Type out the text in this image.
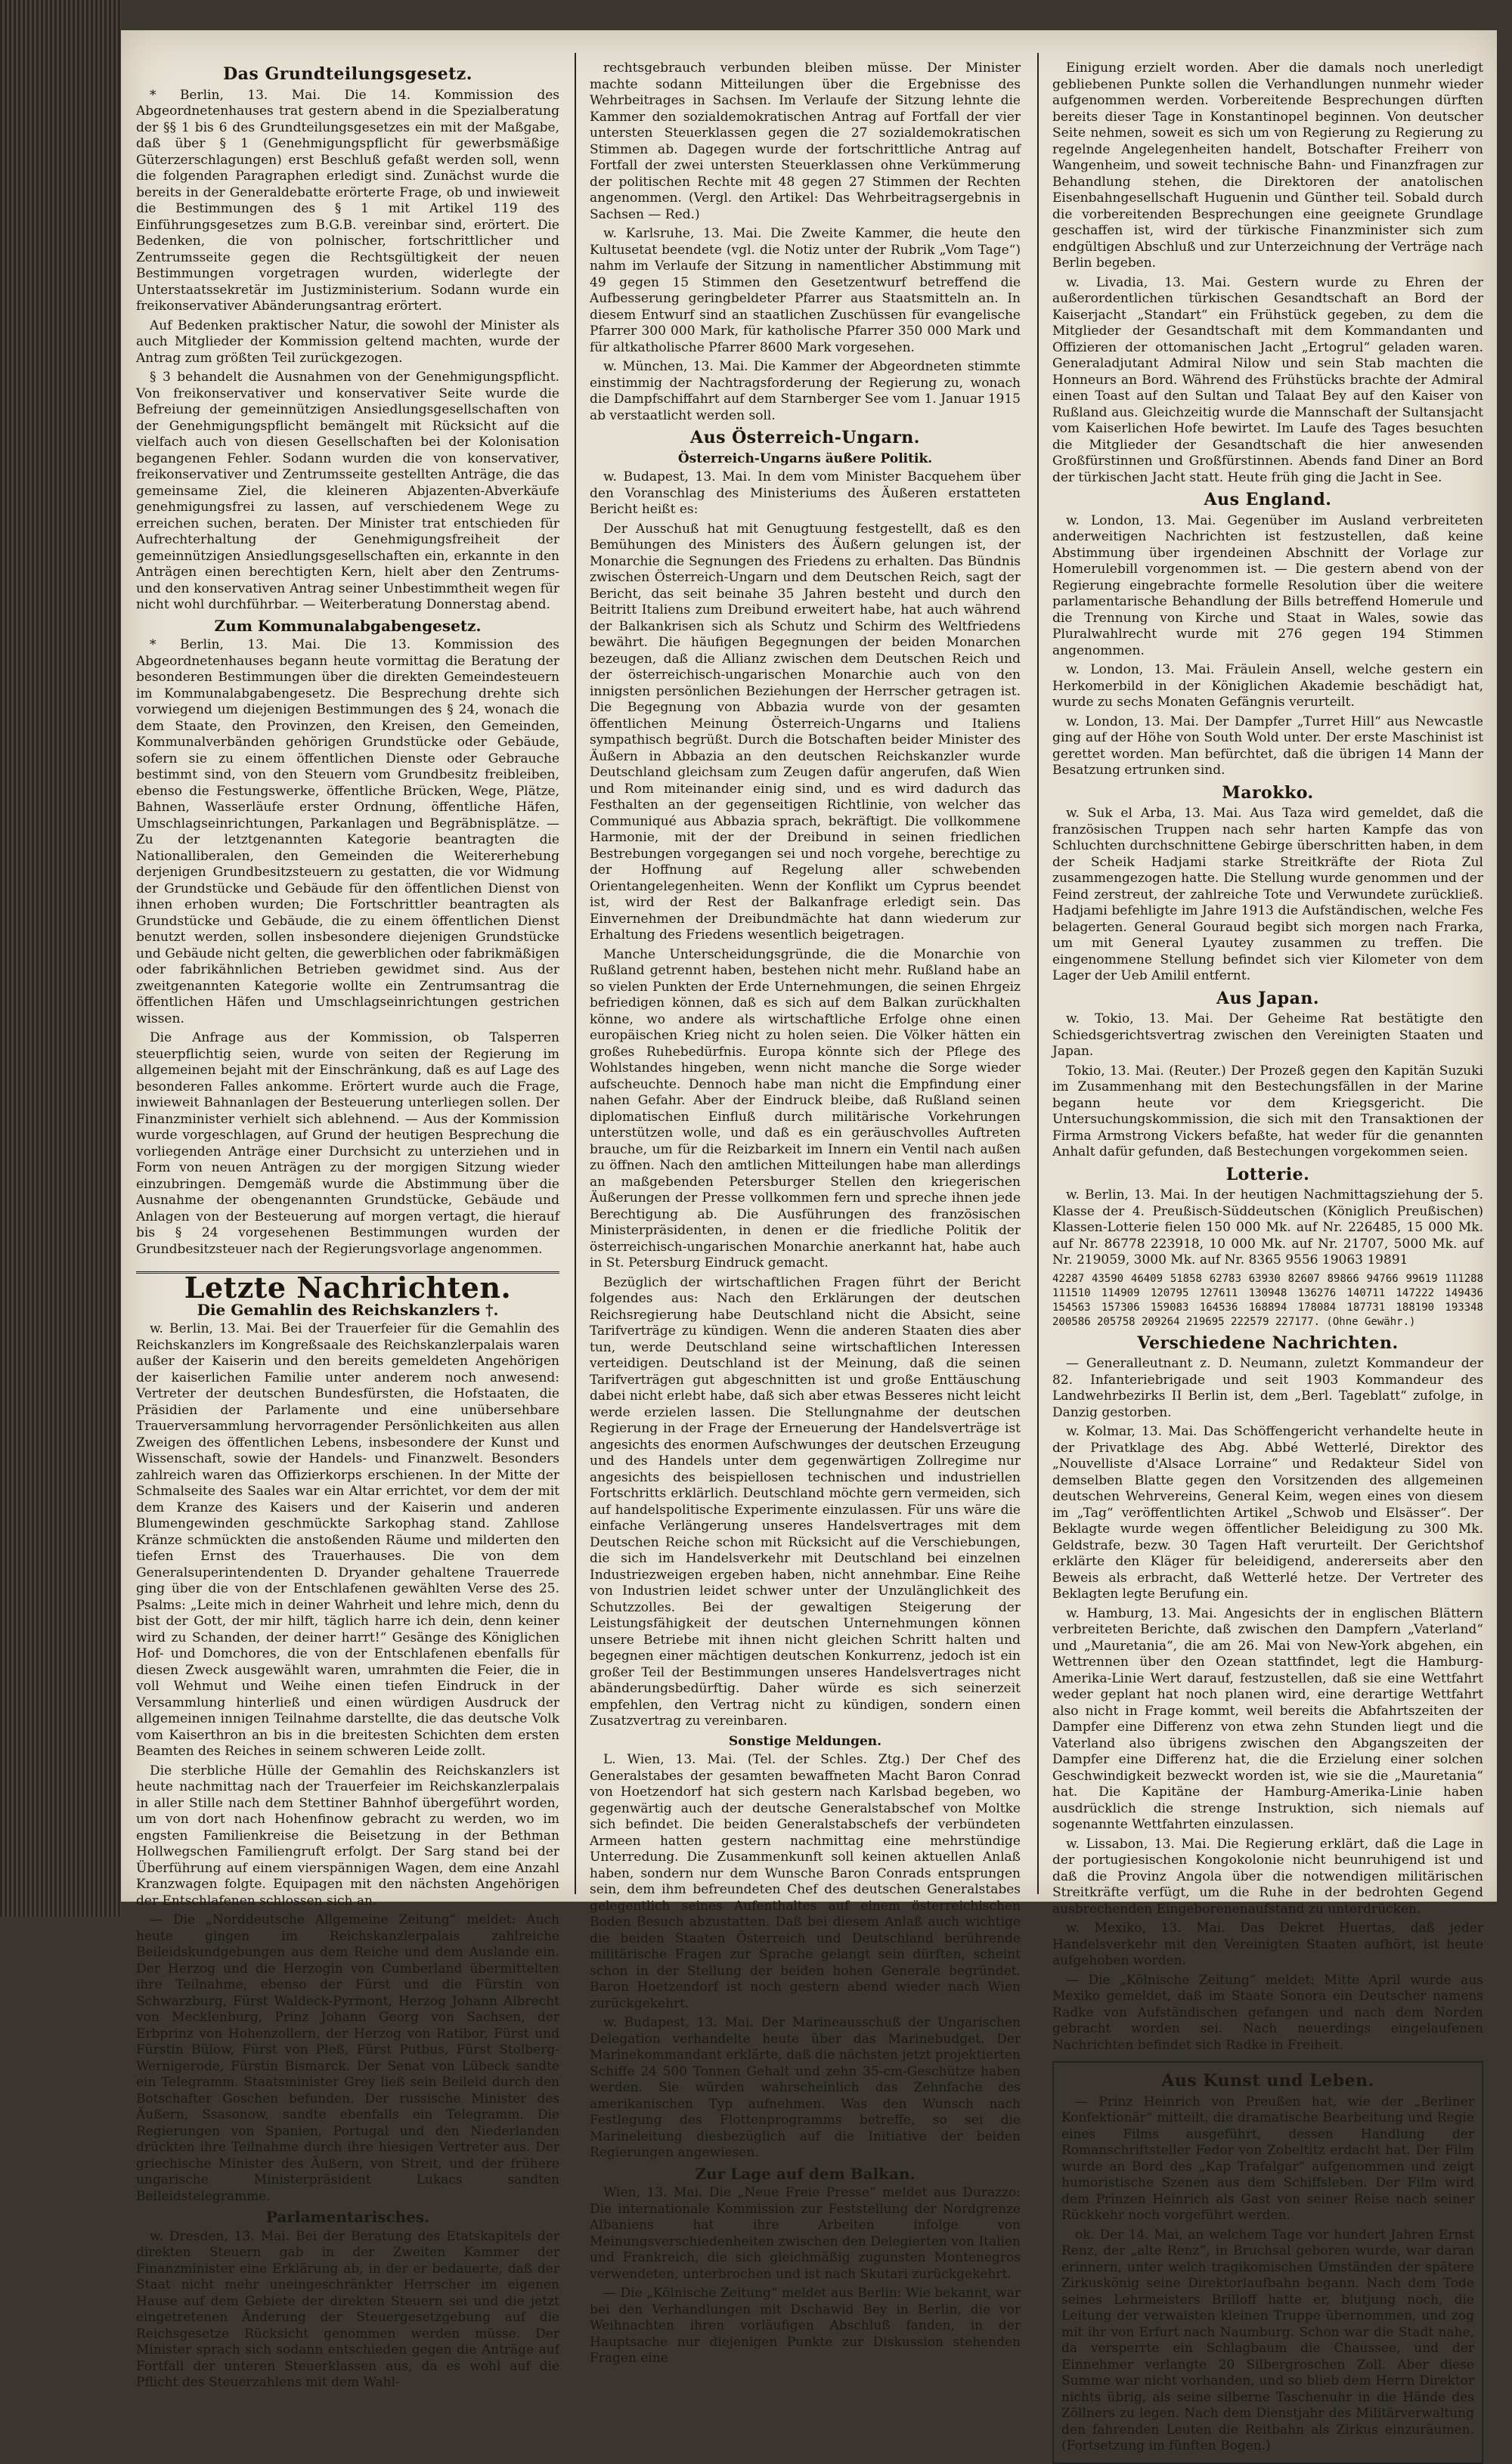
Das Grundteilungsgesetz.

* Berlin, 13. Mai. Die 14. Kommission des Abgeordnetenhauses trat gestern abend in die Spezialberatung der §§ 1 bis 6 des Grundteilungsgesetzes ein mit der Maßgabe, daß über § 1 (Genehmigungspflicht für gewerbsmäßige Güterzerschlagungen) erst Beschluß gefaßt werden soll, wenn die folgenden Paragraphen erledigt sind. Zunächst wurde die bereits in der Generaldebatte erörterte Frage, ob und inwieweit die Bestimmungen des § 1 mit Artikel 119 des Einführungsgesetzes zum B.G.B. vereinbar sind, erörtert. Die Bedenken, die von polnischer, fortschrittlicher und Zentrumsseite gegen die Rechtsgültigkeit der neuen Bestimmungen vorgetragen wurden, widerlegte der Unterstaatssekretär im Justizministerium. Sodann wurde ein freikonservativer Abänderungsantrag erörtert.

Auf Bedenken praktischer Natur, die sowohl der Minister als auch Mitglieder der Kommission geltend machten, wurde der Antrag zum größten Teil zurückgezogen.

§ 3 behandelt die Ausnahmen von der Genehmigungspflicht. Von freikonservativer und konservativer Seite wurde die Befreiung der gemeinnützigen Ansiedlungsgesellschaften von der Genehmigungspflicht bemängelt mit Rücksicht auf die vielfach auch von diesen Gesellschaften bei der Kolonisation begangenen Fehler. Sodann wurden die von konservativer, freikonservativer und Zentrumsseite gestellten Anträge, die das gemeinsame Ziel, die kleineren Abjazenten-Abverkäufe genehmigungsfrei zu lassen, auf verschiedenem Wege zu erreichen suchen, beraten. Der Minister trat entschieden für Aufrechterhaltung der Genehmigungsfreiheit der gemeinnützigen Ansiedlungsgesellschaften ein, erkannte in den Anträgen einen berechtigten Kern, hielt aber den Zentrums- und den konservativen Antrag seiner Unbestimmtheit wegen für nicht wohl durchführbar. — Weiterberatung Donnerstag abend.

Zum Kommunalabgabengesetz.

* Berlin, 13. Mai. Die 13. Kommission des Abgeordnetenhauses begann heute vormittag die Beratung der besonderen Bestimmungen über die direkten Gemeindesteuern im Kommunalabgabengesetz. Die Besprechung drehte sich vorwiegend um diejenigen Bestimmungen des § 24, wonach die dem Staate, den Provinzen, den Kreisen, den Gemeinden, Kommunalverbänden gehörigen Grundstücke oder Gebäude, sofern sie zu einem öffentlichen Dienste oder Gebrauche bestimmt sind, von den Steuern vom Grundbesitz freibleiben, ebenso die Festungswerke, öffentliche Brücken, Wege, Plätze, Bahnen, Wasserläufe erster Ordnung, öffentliche Häfen, Umschlagseinrichtungen, Parkanlagen und Begräbnisplätze. — Zu der letztgenannten Kategorie beantragten die Nationalliberalen, den Gemeinden die Weitererhebung derjenigen Grundbesitzsteuern zu gestatten, die vor Widmung der Grundstücke und Gebäude für den öffentlichen Dienst von ihnen erhoben wurden; Die Fortschrittler beantragten als Grundstücke und Gebäude, die zu einem öffentlichen Dienst benutzt werden, sollen insbesondere diejenigen Grundstücke und Gebäude nicht gelten, die gewerblichen oder fabrikmäßigen oder fabrikähnlichen Betrieben gewidmet sind. Aus der zweitgenannten Kategorie wollte ein Zentrumsantrag die öffentlichen Häfen und Umschlagseinrichtungen gestrichen wissen.

Die Anfrage aus der Kommission, ob Talsperren steuerpflichtig seien, wurde von seiten der Regierung im allgemeinen bejaht mit der Einschränkung, daß es auf Lage des besonderen Falles ankomme. Erörtert wurde auch die Frage, inwieweit Bahnanlagen der Besteuerung unterliegen sollen. Der Finanzminister verhielt sich ablehnend. — Aus der Kommission wurde vorgeschlagen, auf Grund der heutigen Besprechung die vorliegenden Anträge einer Durchsicht zu unterziehen und in Form von neuen Anträgen zu der morgigen Sitzung wieder einzubringen. Demgemäß wurde die Abstimmung über die Ausnahme der obengenannten Grundstücke, Gebäude und Anlagen von der Besteuerung auf morgen vertagt, die hierauf bis § 24 vorgesehenen Bestimmungen wurden der Grundbesitzsteuer nach der Regierungsvorlage angenommen.

Letzte Nachrichten.
Die Gemahlin des Reichskanzlers †.

w. Berlin, 13. Mai. Bei der Trauerfeier für die Gemahlin des Reichskanzlers im Kongreßsaale des Reichskanzlerpalais waren außer der Kaiserin und den bereits gemeldeten Angehörigen der kaiserlichen Familie unter anderem noch anwesend: Vertreter der deutschen Bundesfürsten, die Hofstaaten, die Präsidien der Parlamente und eine unübersehbare Trauerversammlung hervorragender Persönlichkeiten aus allen Zweigen des öffentlichen Lebens, insbesondere der Kunst und Wissenschaft, sowie der Handels- und Finanzwelt. Besonders zahlreich waren das Offizierkorps erschienen. In der Mitte der Schmalseite des Saales war ein Altar errichtet, vor dem der mit dem Kranze des Kaisers und der Kaiserin und anderen Blumengewinden geschmückte Sarkophag stand. Zahllose Kränze schmückten die anstoßenden Räume und milderten den tiefen Ernst des Trauerhauses. Die von dem Generalsuperintendenten D. Dryander gehaltene Trauerrede ging über die von der Entschlafenen gewählten Verse des 25. Psalms: „Leite mich in deiner Wahrheit und lehre mich, denn du bist der Gott, der mir hilft, täglich harre ich dein, denn keiner wird zu Schanden, der deiner harrt!“ Gesänge des Königlichen Hof- und Domchores, die von der Entschlafenen ebenfalls für diesen Zweck ausgewählt waren, umrahmten die Feier, die in voll Wehmut und Weihe einen tiefen Eindruck in der Versammlung hinterließ und einen würdigen Ausdruck der allgemeinen innigen Teilnahme darstellte, die das deutsche Volk vom Kaiserthron an bis in die breitesten Schichten dem ersten Beamten des Reiches in seinem schweren Leide zollt.

Die sterbliche Hülle der Gemahlin des Reichskanzlers ist heute nachmittag nach der Trauerfeier im Reichskanzlerpalais in aller Stille nach dem Stettiner Bahnhof übergeführt worden, um von dort nach Hohenfinow gebracht zu werden, wo im engsten Familienkreise die Beisetzung in der Bethman Hollwegschen Familiengruft erfolgt. Der Sarg stand bei der Überführung auf einem vierspännigen Wagen, dem eine Anzahl Kranzwagen folgte. Equipagen mit den nächsten Angehörigen der Entschlafenen schlossen sich an.

— Die „Norddeutsche Allgemeine Zeitung“ meldet: Auch heute gingen im Reichskanzlerpalais zahlreiche Beileidskundgebungen aus dem Reiche und dem Auslande ein. Der Herzog und die Herzogin von Cumberland übermittelten ihre Teilnahme, ebenso der Fürst und die Fürstin von Schwarzburg, Fürst Waldeck-Pyrmont, Herzog Johann Albrecht von Mecklenburg, Prinz Johann Georg von Sachsen, der Erbprinz von Hohenzollern, der Herzog von Ratibor, Fürst und Fürstin Bülow, Fürst von Pleß, Fürst Putbus, Fürst Stolberg-Wernigerode, Fürstin Bismarck. Der Senat von Lübeck sandte ein Telegramm. Staatsminister Grey ließ sein Beileid durch den Botschafter Goschen befunden. Der russische Minister des Äußern, Ssasonow, sandte ebenfalls ein Telegramm. Die Regierungen von Spanien, Portugal und den Niederlanden drückten ihre Teilnahme durch ihre hiesigen Vertreter aus. Der griechische Minister des Äußern, von Streit, und der frühere ungarische Ministerpräsident Lukacs sandten Beileidstelegramme.

Parlamentarisches.

w. Dresden, 13. Mai. Bei der Beratung des Etatskapitels der direkten Steuern gab in der Zweiten Kammer der Finanzminister eine Erklärung ab, in der er bedauerte, daß der Staat nicht mehr uneingeschränkter Herrscher im eigenen Hause auf dem Gebiete der direkten Steuern sei und die jetzt eingetretenen Änderung der Steuergesetzgebung auf die Reichsgesetze Rücksicht genommen werden müsse. Der Minister sprach sich sodann entschieden gegen die Anträge auf Fortfall der unteren Steuerklassen aus, da es wohl auf die Pflicht des Steuerzahlens mit dem Wahl-

rechtsgebrauch verbunden bleiben müsse. Der Minister machte sodann Mitteilungen über die Ergebnisse des Wehrbeitrages in Sachsen. Im Verlaufe der Sitzung lehnte die Kammer den sozialdemokratischen Antrag auf Fortfall der vier untersten Steuerklassen gegen die 27 sozialdemokratischen Stimmen ab. Dagegen wurde der fortschrittliche Antrag auf Fortfall der zwei untersten Steuerklassen ohne Verkümmerung der politischen Rechte mit 48 gegen 27 Stimmen der Rechten angenommen. (Vergl. den Artikel: Das Wehrbeitragsergebnis in Sachsen — Red.)

w. Karlsruhe, 13. Mai. Die Zweite Kammer, die heute den Kultusetat beendete (vgl. die Notiz unter der Rubrik „Vom Tage“) nahm im Verlaufe der Sitzung in namentlicher Abstimmung mit 49 gegen 15 Stimmen den Gesetzentwurf betreffend die Aufbesserung geringbeldeter Pfarrer aus Staatsmitteln an. In diesem Entwurf sind an staatlichen Zuschüssen für evangelische Pfarrer 300 000 Mark, für katholische Pfarrer 350 000 Mark und für altkatholische Pfarrer 8600 Mark vorgesehen.

w. München, 13. Mai. Die Kammer der Abgeordneten stimmte einstimmig der Nachtragsforderung der Regierung zu, wonach die Dampfschiffahrt auf dem Starnberger See vom 1. Januar 1915 ab verstaatlicht werden soll.

Aus Österreich-Ungarn.
Österreich-Ungarns äußere Politik.

w. Budapest, 13. Mai. In dem vom Minister Bacquehem über den Voranschlag des Ministeriums des Äußeren erstatteten Bericht heißt es:

Der Ausschuß hat mit Genugtuung festgestellt, daß es den Bemühungen des Ministers des Äußern gelungen ist, der Monarchie die Segnungen des Friedens zu erhalten. Das Bündnis zwischen Österreich-Ungarn und dem Deutschen Reich, sagt der Bericht, das seit beinahe 35 Jahren besteht und durch den Beitritt Italiens zum Dreibund erweitert habe, hat auch während der Balkankrisen sich als Schutz und Schirm des Weltfriedens bewährt. Die häufigen Begegnungen der beiden Monarchen bezeugen, daß die Allianz zwischen dem Deutschen Reich und der österreichisch-ungarischen Monarchie auch von den innigsten persönlichen Beziehungen der Herrscher getragen ist. Die Begegnung von Abbazia wurde von der gesamten öffentlichen Meinung Österreich-Ungarns und Italiens sympathisch begrüßt. Durch die Botschaften beider Minister des Äußern in Abbazia an den deutschen Reichskanzler wurde Deutschland gleichsam zum Zeugen dafür angerufen, daß Wien und Rom miteinander einig sind, und es wird dadurch das Festhalten an der gegenseitigen Richtlinie, von welcher das Communiqué aus Abbazia sprach, bekräftigt. Die vollkommene Harmonie, mit der der Dreibund in seinen friedlichen Bestrebungen vorgegangen sei und noch vorgehe, berechtige zu der Hoffnung auf Regelung aller schwebenden Orientangelegenheiten. Wenn der Konflikt um Cyprus beendet ist, wird der Rest der Balkanfrage erledigt sein. Das Einvernehmen der Dreibundmächte hat dann wiederum zur Erhaltung des Friedens wesentlich beigetragen.

Manche Unterscheidungsgründe, die die Monarchie von Rußland getrennt haben, bestehen nicht mehr. Rußland habe an so vielen Punkten der Erde Unternehmungen, die seinen Ehrgeiz befriedigen können, daß es sich auf dem Balkan zurückhalten könne, wo andere als wirtschaftliche Erfolge ohne einen europäischen Krieg nicht zu holen seien. Die Völker hätten ein großes Ruhebedürfnis. Europa könnte sich der Pflege des Wohlstandes hingeben, wenn nicht manche die Sorge wieder aufscheuchte. Dennoch habe man nicht die Empfindung einer nahen Gefahr. Aber der Eindruck bleibe, daß Rußland seinen diplomatischen Einfluß durch militärische Vorkehrungen unterstützen wolle, und daß es ein geräuschvolles Auftreten brauche, um für die Reizbarkeit im Innern ein Ventil nach außen zu öffnen. Nach den amtlichen Mitteilungen habe man allerdings an maßgebenden Petersburger Stellen den kriegerischen Äußerungen der Presse vollkommen fern und spreche ihnen jede Berechtigung ab. Die Ausführungen des französischen Ministerpräsidenten, in denen er die friedliche Politik der österreichisch-ungarischen Monarchie anerkannt hat, habe auch in St. Petersburg Eindruck gemacht.

Bezüglich der wirtschaftlichen Fragen führt der Bericht folgendes aus: Nach den Erklärungen der deutschen Reichsregierung habe Deutschland nicht die Absicht, seine Tarifverträge zu kündigen. Wenn die anderen Staaten dies aber tun, werde Deutschland seine wirtschaftlichen Interessen verteidigen. Deutschland ist der Meinung, daß die seinen Tarifverträgen gut abgeschnitten ist und große Enttäuschung dabei nicht erlebt habe, daß sich aber etwas Besseres nicht leicht werde erzielen lassen. Die Stellungnahme der deutschen Regierung in der Frage der Erneuerung der Handelsverträge ist angesichts des enormen Aufschwunges der deutschen Erzeugung und des Handels unter dem gegenwärtigen Zollregime nur angesichts des beispiellosen technischen und industriellen Fortschritts erklärlich. Deutschland möchte gern vermeiden, sich auf handelspolitische Experimente einzulassen. Für uns wäre die einfache Verlängerung unseres Handelsvertrages mit dem Deutschen Reiche schon mit Rücksicht auf die Verschiebungen, die sich im Handelsverkehr mit Deutschland bei einzelnen Industriezweigen ergeben haben, nicht annehmbar. Eine Reihe von Industrien leidet schwer unter der Unzulänglichkeit des Schutzzolles. Bei der gewaltigen Steigerung der Leistungsfähigkeit der deutschen Unternehmungen können unsere Betriebe mit ihnen nicht gleichen Schritt halten und begegnen einer mächtigen deutschen Konkurrenz, jedoch ist ein großer Teil der Bestimmungen unseres Handelsvertrages nicht abänderungsbedürftig. Daher würde es sich seinerzeit empfehlen, den Vertrag nicht zu kündigen, sondern einen Zusatzvertrag zu vereinbaren.

Sonstige Meldungen.

L. Wien, 13. Mai. (Tel. der Schles. Ztg.) Der Chef des Generalstabes der gesamten bewaffneten Macht Baron Conrad von Hoetzendorf hat sich gestern nach Karlsbad begeben, wo gegenwärtig auch der deutsche Generalstabschef von Moltke sich befindet. Die beiden Generalstabschefs der verbündeten Armeen hatten gestern nachmittag eine mehrstündige Unterredung. Die Zusammenkunft soll keinen aktuellen Anlaß haben, sondern nur dem Wunsche Baron Conrads entsprungen sein, dem ihm befreundeten Chef des deutschen Generalstabes gelegentlich seines Aufenthaltes auf einem österreichischen Boden Besuch abzustatten. Daß bei diesem Anlaß auch wichtige die beiden Staaten Österreich und Deutschland berührende militärische Fragen zur Sprache gelangt sein dürften, scheint schon in der Stellung der beiden hohen Generale begründet. Baron Hoetzendorf ist noch gestern abend wieder nach Wien zurückgekehrt.

w. Budapest, 13. Mai. Der Marineausschuß der Ungarischen Delegation verhandelte heute über das Marinebudget. Der Marinekommandant erklärte, daß die nächsten jetzt projektierten Schiffe 24 500 Tonnen Gehalt und zehn 35-cm-Geschütze haben werden. Sie würden wahrscheinlich das Zehnfache des amerikanischen Typ aufnehmen. Was den Wunsch nach Festlegung des Flottenprogramms betreffe, so sei die Marineleitung diesbezüglich auf die Initiative der beiden Regierungen angewiesen.

Zur Lage auf dem Balkan.

Wien, 13. Mai. Die „Neue Freie Presse“ meldet aus Durazzo: Die internationale Kommission zur Feststellung der Nordgrenze Albaniens hat ihre Arbeiten infolge von Meinungsverschiedenheiten zwischen den Delegierten von Italien und Frankreich, die sich gleichmäßig zugunsten Montenegros verwendeten, unterbrochen und ist nach Skutari zurückgekehrt.

— Die „Kölnische Zeitung“ meldet aus Berlin: Wie bekannt, war bei den Verhandlungen mit Dschawid Bey in Berlin, die vor Weihnachten ihren vorläufigen Abschluß fanden, in der Hauptsache nur diejenigen Punkte zur Diskussion stehenden Fragen eine

Einigung erzielt worden. Aber die damals noch unerledigt gebliebenen Punkte sollen die Verhandlungen nunmehr wieder aufgenommen werden. Vorbereitende Besprechungen dürften bereits dieser Tage in Konstantinopel beginnen. Von deutscher Seite nehmen, soweit es sich um von Regierung zu Regierung zu regelnde Angelegenheiten handelt, Botschafter Freiherr von Wangenheim, und soweit technische Bahn- und Finanzfragen zur Behandlung stehen, die Direktoren der anatolischen Eisenbahngesellschaft Huguenin und Günther teil. Sobald durch die vorbereitenden Besprechungen eine geeignete Grundlage geschaffen ist, wird der türkische Finanzminister sich zum endgültigen Abschluß und zur Unterzeichnung der Verträge nach Berlin begeben.

w. Livadia, 13. Mai. Gestern wurde zu Ehren der außerordentlichen türkischen Gesandtschaft an Bord der Kaiserjacht „Standart“ ein Frühstück gegeben, zu dem die Mitglieder der Gesandtschaft mit dem Kommandanten und Offizieren der ottomanischen Jacht „Ertogrul“ geladen waren. Generaladjutant Admiral Nilow und sein Stab machten die Honneurs an Bord. Während des Frühstücks brachte der Admiral einen Toast auf den Sultan und Talaat Bey auf den Kaiser von Rußland aus. Gleichzeitig wurde die Mannschaft der Sultansjacht vom Kaiserlichen Hofe bewirtet. Im Laufe des Tages besuchten die Mitglieder der Gesandtschaft die hier anwesenden Großfürstinnen und Großfürstinnen. Abends fand Diner an Bord der türkischen Jacht statt. Heute früh ging die Jacht in See.

Aus England.

w. London, 13. Mai. Gegenüber im Ausland verbreiteten anderweitigen Nachrichten ist festzustellen, daß keine Abstimmung über irgendeinen Abschnitt der Vorlage zur Homerulebill vorgenommen ist. — Die gestern abend von der Regierung eingebrachte formelle Resolution über die weitere parlamentarische Behandlung der Bills betreffend Homerule und die Trennung von Kirche und Staat in Wales, sowie das Pluralwahlrecht wurde mit 276 gegen 194 Stimmen angenommen.

w. London, 13. Mai. Fräulein Ansell, welche gestern ein Herkomerbild in der Königlichen Akademie beschädigt hat, wurde zu sechs Monaten Gefängnis verurteilt.

w. London, 13. Mai. Der Dampfer „Turret Hill“ aus Newcastle ging auf der Höhe von South Wold unter. Der erste Maschinist ist gerettet worden. Man befürchtet, daß die übrigen 14 Mann der Besatzung ertrunken sind.

Marokko.

w. Suk el Arba, 13. Mai. Aus Taza wird gemeldet, daß die französischen Truppen nach sehr harten Kampfe das von Schluchten durchschnittene Gebirge überschritten haben, in dem der Scheik Hadjami starke Streitkräfte der Riota Zul zusammengezogen hatte. Die Stellung wurde genommen und der Feind zerstreut, der zahlreiche Tote und Verwundete zurückließ. Hadjami befehligte im Jahre 1913 die Aufständischen, welche Fes belagerten. General Gouraud begibt sich morgen nach Frarka, um mit General Lyautey zusammen zu treffen. Die eingenommene Stellung befindet sich vier Kilometer von dem Lager der Ueb Amilil entfernt.

Aus Japan.

w. Tokio, 13. Mai. Der Geheime Rat bestätigte den Schiedsgerichtsvertrag zwischen den Vereinigten Staaten und Japan.

Tokio, 13. Mai. (Reuter.) Der Prozeß gegen den Kapitän Suzuki im Zusammenhang mit den Bestechungsfällen in der Marine begann heute vor dem Kriegsgericht. Die Untersuchungskommission, die sich mit den Transaktionen der Firma Armstrong Vickers befaßte, hat weder für die genannten Anhalt dafür gefunden, daß Bestechungen vorgekommen seien.

Lotterie.

w. Berlin, 13. Mai. In der heutigen Nachmittagsziehung der 5. Klasse der 4. Preußisch-Süddeutschen (Königlich Preußischen) Klassen-Lotterie fielen 150 000 Mk. auf Nr. 226485, 15 000 Mk. auf Nr. 86778 223918, 10 000 Mk. auf Nr. 21707, 5000 Mk. auf Nr. 219059, 3000 Mk. auf Nr. 8365 9556 19063 19891

42287 43590 46409 51858 62783 63930 82607 89866 94766 99619 111288 111510 114909 120795 127611 130948 136276 140711 147222 149436 154563 157306 159083 164536 168894 178084 187731 188190 193348 200586 205758 209264 219695 222579 227177. (Ohne Gewähr.)

Verschiedene Nachrichten.

— Generalleutnant z. D. Neumann, zuletzt Kommandeur der 82. Infanteriebrigade und seit 1903 Kommandeur des Landwehrbezirks II Berlin ist, dem „Berl. Tageblatt“ zufolge, in Danzig gestorben.

w. Kolmar, 13. Mai. Das Schöffengericht verhandelte heute in der Privatklage des Abg. Abbé Wetterlé, Direktor des „Nouvelliste d'Alsace Lorraine“ und Redakteur Sidel von demselben Blatte gegen den Vorsitzenden des allgemeinen deutschen Wehrvereins, General Keim, wegen eines von diesem im „Tag“ veröffentlichten Artikel „Schwob und Elsässer“. Der Beklagte wurde wegen öffentlicher Beleidigung zu 300 Mk. Geldstrafe, bezw. 30 Tagen Haft verurteilt. Der Gerichtshof erklärte den Kläger für beleidigend, andererseits aber den Beweis als erbracht, daß Wetterlé hetze. Der Vertreter des Beklagten legte Berufung ein.

w. Hamburg, 13. Mai. Angesichts der in englischen Blättern verbreiteten Berichte, daß zwischen den Dampfern „Vaterland“ und „Mauretania“, die am 26. Mai von New-York abgehen, ein Wettrennen über den Ozean stattfindet, legt die Hamburg-Amerika-Linie Wert darauf, festzustellen, daß sie eine Wettfahrt weder geplant hat noch planen wird, eine derartige Wettfahrt also nicht in Frage kommt, weil bereits die Abfahrtszeiten der Dampfer eine Differenz von etwa zehn Stunden liegt und die Vaterland also übrigens zwischen den Abgangszeiten der Dampfer eine Differenz hat, die die Erzielung einer solchen Geschwindigkeit bezweckt worden ist, wie sie die „Mauretania“ hat. Die Kapitäne der Hamburg-Amerika-Linie haben ausdrücklich die strenge Instruktion, sich niemals auf sogenannte Wettfahrten einzulassen.

w. Lissabon, 13. Mai. Die Regierung erklärt, daß die Lage in der portugiesischen Kongokolonie nicht beunruhigend ist und daß die Provinz Angola über die notwendigen militärischen Streitkräfte verfügt, um die Ruhe in der bedrohten Gegend ausbrechenden Eingeborenenaufstand zu unterdrücken.

w. Mexiko, 13. Mai. Das Dekret Huertas, daß jeder Handelsverkehr mit den Vereinigten Staaten aufhört, ist heute aufgehoben worden.

— Die „Kölnische Zeitung“ meldet: Mitte April wurde aus Mexiko gemeldet, daß im Staate Sonora ein Deutscher namens Radke von Aufständischen gefangen und nach dem Norden gebracht worden sei. Nach neuerdings eingelaufenen Nachrichten befindet sich Radke in Freiheit.

Aus Kunst und Leben.

— Prinz Heinrich von Preußen hat, wie der „Berliner Konfektionär“ mitteilt, die dramatische Bearbeitung und Regie eines Films ausgeführt, dessen Handlung der Romanschriftsteller Fedor von Zobeltitz erdacht hat. Der Film wurde an Bord des „Kap Trafalgar“ aufgenommen und zeigt humoristische Szenen aus dem Schiffsleben. Der Film wird dem Prinzen Heinrich als Gast von seiner Reise nach seiner Rückkehr noch vorgeführt werden.

ok. Der 14. Mai, an welchem Tage vor hundert Jahren Ernst Renz, der „alte Renz“, in Bruchsal geboren wurde, war daran erinnern, unter welch tragikomischen Umständen der spätere Zirkuskönig seine Direktorlaufbahn begann. Nach dem Tode seines Lehrmeisters Brilloff hatte er, blutjung noch, die Leitung der verwaisten kleinen Truppe übernommen, und zog mit ihr von Erfurt nach Naumburg. Schon war die Stadt nahe, da versperrte ein Schlagbaum die Chaussee, und der Einnehmer verlangte 20 Silbergroschen Zoll. Aber diese Summe war nicht vorhanden, und so blieb dem Herrn Direktor nichts übrig, als seine silberne Taschenuhr in die Hände des Zöllners zu legen. Nach dem Dienstjahr des Militärverwaltung den fahrenden Leuten die Reitbahn als Zirkus einzuräumen. (Fortsetzung im fünften Bogen.)
